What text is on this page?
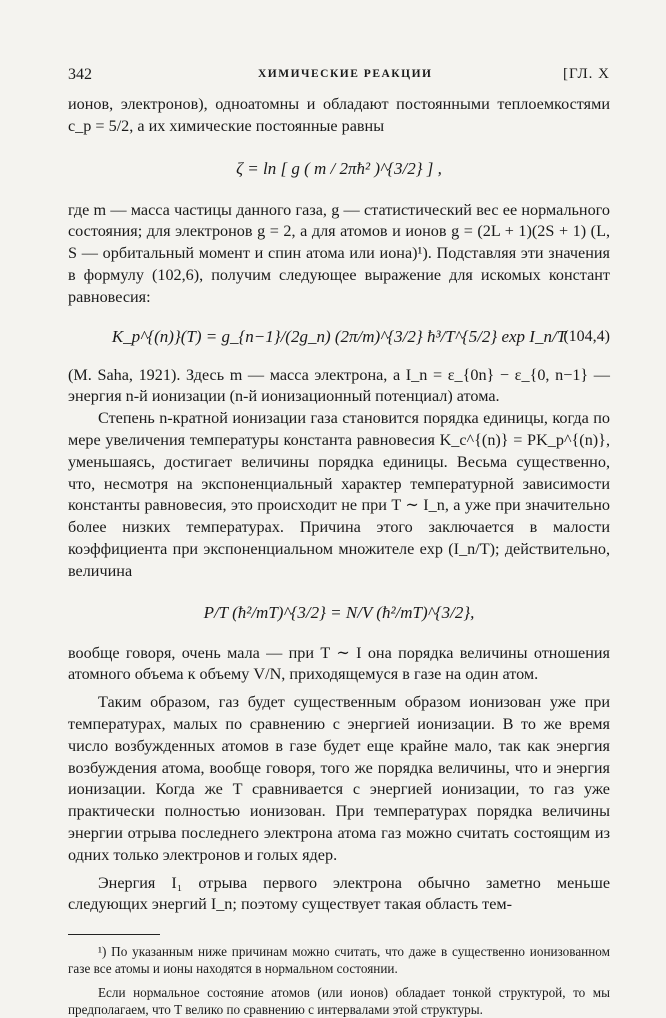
342	ХИМИЧЕСКИЕ РЕАКЦИИ	[ГЛ. X

ионов, электронов), одноатомны и обладают постоянными теплоемкостями c_p = 5/2, а их химические постоянные равны

ζ = ln [ g ( m / 2πħ² )^{3/2} ] ,

где m — масса частицы данного газа, g — статистический вес ее нормального состояния; для электронов g = 2, а для атомов и ионов g = (2L + 1)(2S + 1) (L, S — орбитальный момент и спин атома или иона)¹). Подставляя эти значения в формулу (102,6), получим следующее выражение для искомых констант равновесия:

K_p^{(n)}(T) = g_{n−1}/(2g_n) (2π/m)^{3/2} ħ³/T^{5/2} exp I_n/T
(104,4)

(M. Saha, 1921). Здесь m — масса электрона, а I_n = ε_{0n} − ε_{0, n−1} — энергия n-й ионизации (n-й ионизационный потенциал) атома.

Степень n-кратной ионизации газа становится порядка единицы, когда по мере увеличения температуры константа равновесия K_c^{(n)} = PK_p^{(n)}, уменьшаясь, достигает величины порядка единицы. Весьма существенно, что, несмотря на экспоненциальный характер температурной зависимости константы равновесия, это происходит не при T ∼ I_n, а уже при значительно более низких температурах. Причина этого заключается в малости коэффициента при экспоненциальном множителе exp (I_n/T); действительно, величина

P/T (ħ²/mT)^{3/2} = N/V (ħ²/mT)^{3/2},

вообще говоря, очень мала — при T ∼ I она порядка величины отношения атомного объема к объему V/N, приходящемуся в газе на один атом.

Таким образом, газ будет существенным образом ионизован уже при температурах, малых по сравнению с энергией ионизации. В то же время число возбужденных атомов в газе будет еще крайне мало, так как энергия возбуждения атома, вообще говоря, того же порядка величины, что и энергия ионизации. Когда же T сравнивается с энергией ионизации, то газ уже практически полностью ионизован. При температурах порядка величины энергии отрыва последнего электрона атома газ можно считать состоящим из одних только электронов и голых ядер.

Энергия I₁ отрыва первого электрона обычно заметно меньше следующих энергий I_n; поэтому существует такая область тем-

¹) По указанным ниже причинам можно считать, что даже в существенно ионизованном газе все атомы и ионы находятся в нормальном состоянии.

Если нормальное состояние атомов (или ионов) обладает тонкой структурой, то мы предполагаем, что T велико по сравнению с интервалами этой структуры.
